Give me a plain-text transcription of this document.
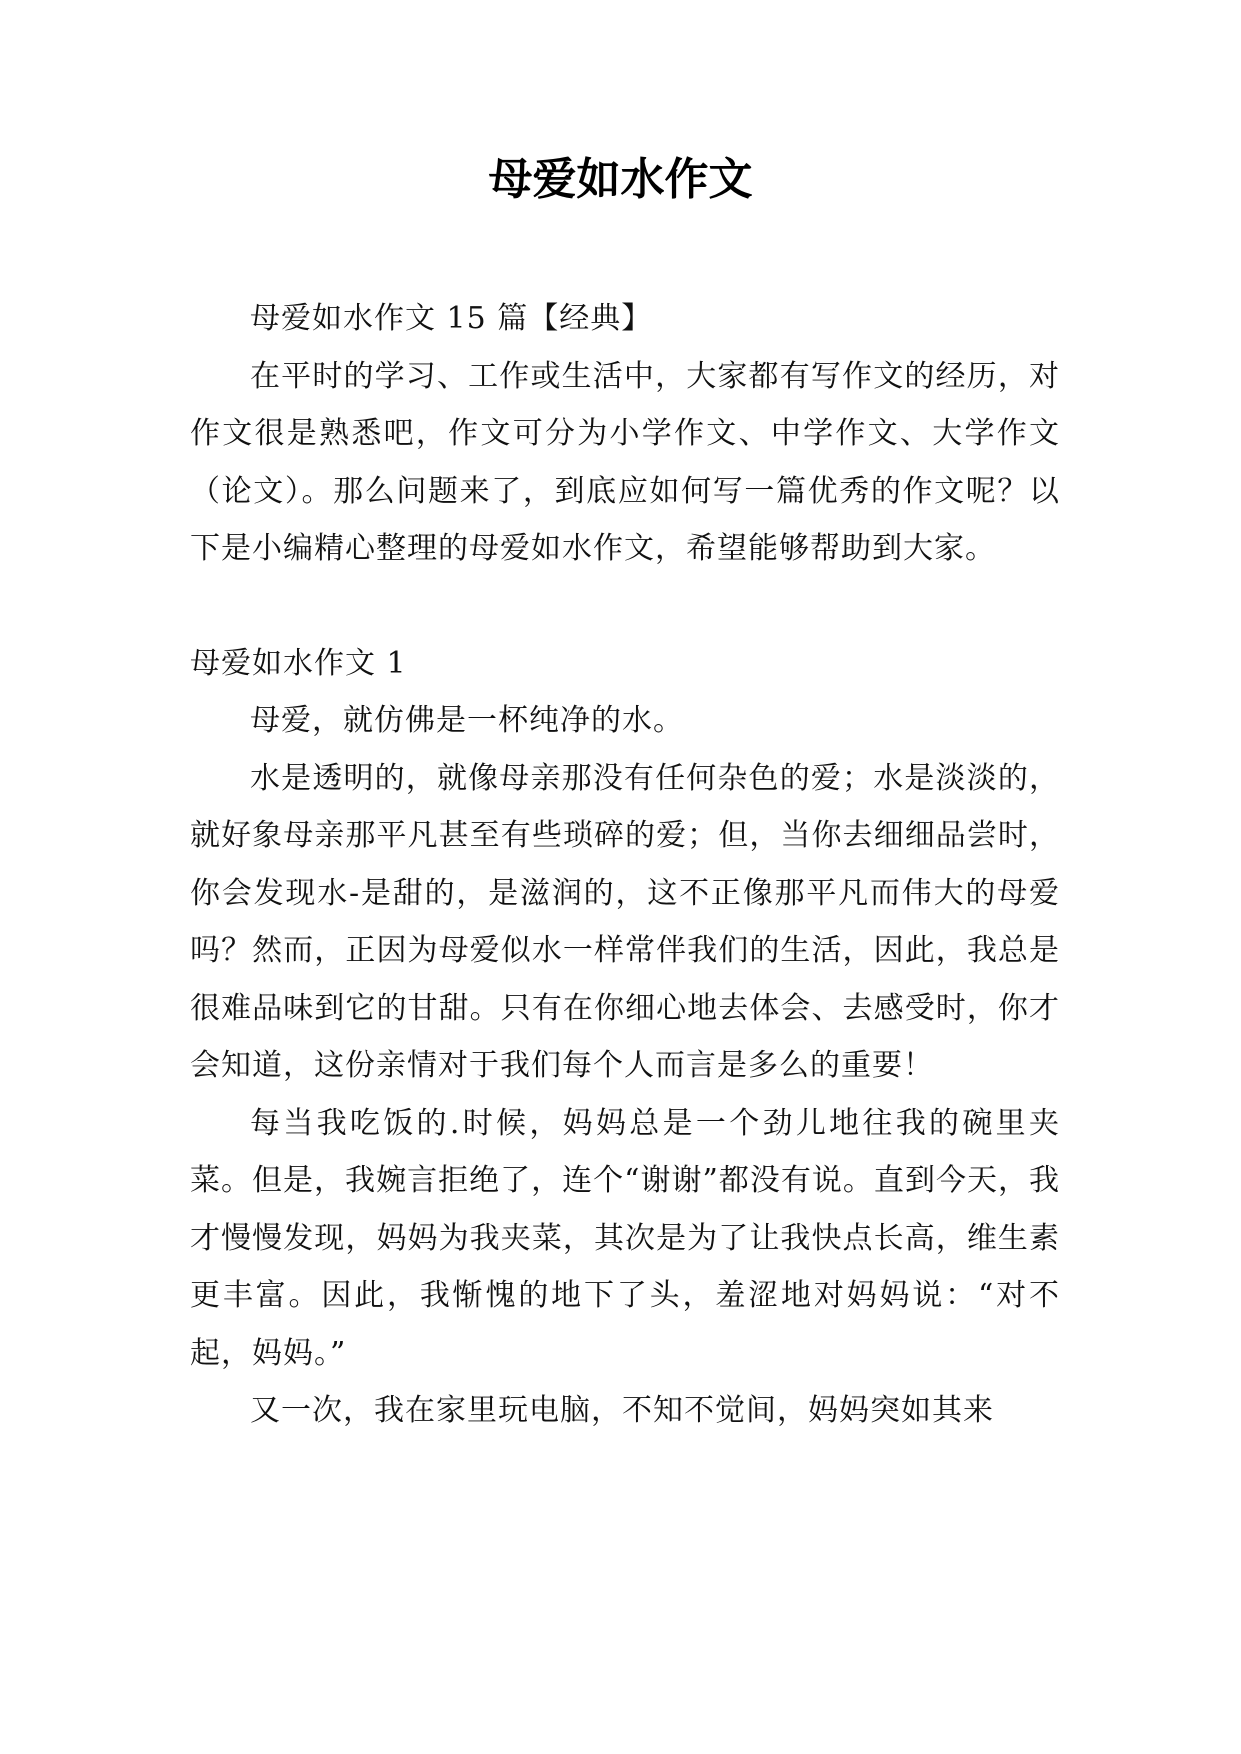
母爱如水作文

母爱如水作文 15 篇【经典】

在平时的学习、工作或生活中，大家都有写作文的经历，对作文很是熟悉吧，作文可分为小学作文、中学作文、大学作文（论文）。那么问题来了，到底应如何写一篇优秀的作文呢？以下是小编精心整理的母爱如水作文，希望能够帮助到大家。

母爱如水作文 1

母爱，就仿佛是一杯纯净的水。

水是透明的，就像母亲那没有任何杂色的爱；水是淡淡的，就好象母亲那平凡甚至有些琐碎的爱；但，当你去细细品尝时，你会发现水-是甜的，是滋润的，这不正像那平凡而伟大的母爱吗？然而，正因为母爱似水一样常伴我们的生活，因此，我总是很难品味到它的甘甜。只有在你细心地去体会、去感受时，你才会知道，这份亲情对于我们每个人而言是多么的重要！

每当我吃饭的.时候，妈妈总是一个劲儿地往我的碗里夹菜。但是，我婉言拒绝了，连个“谢谢”都没有说。直到今天，我才慢慢发现，妈妈为我夹菜，其次是为了让我快点长高，维生素更丰富。因此，我惭愧的地下了头，羞涩地对妈妈说：“对不起，妈妈。”

又一次，我在家里玩电脑，不知不觉间，妈妈突如其来
